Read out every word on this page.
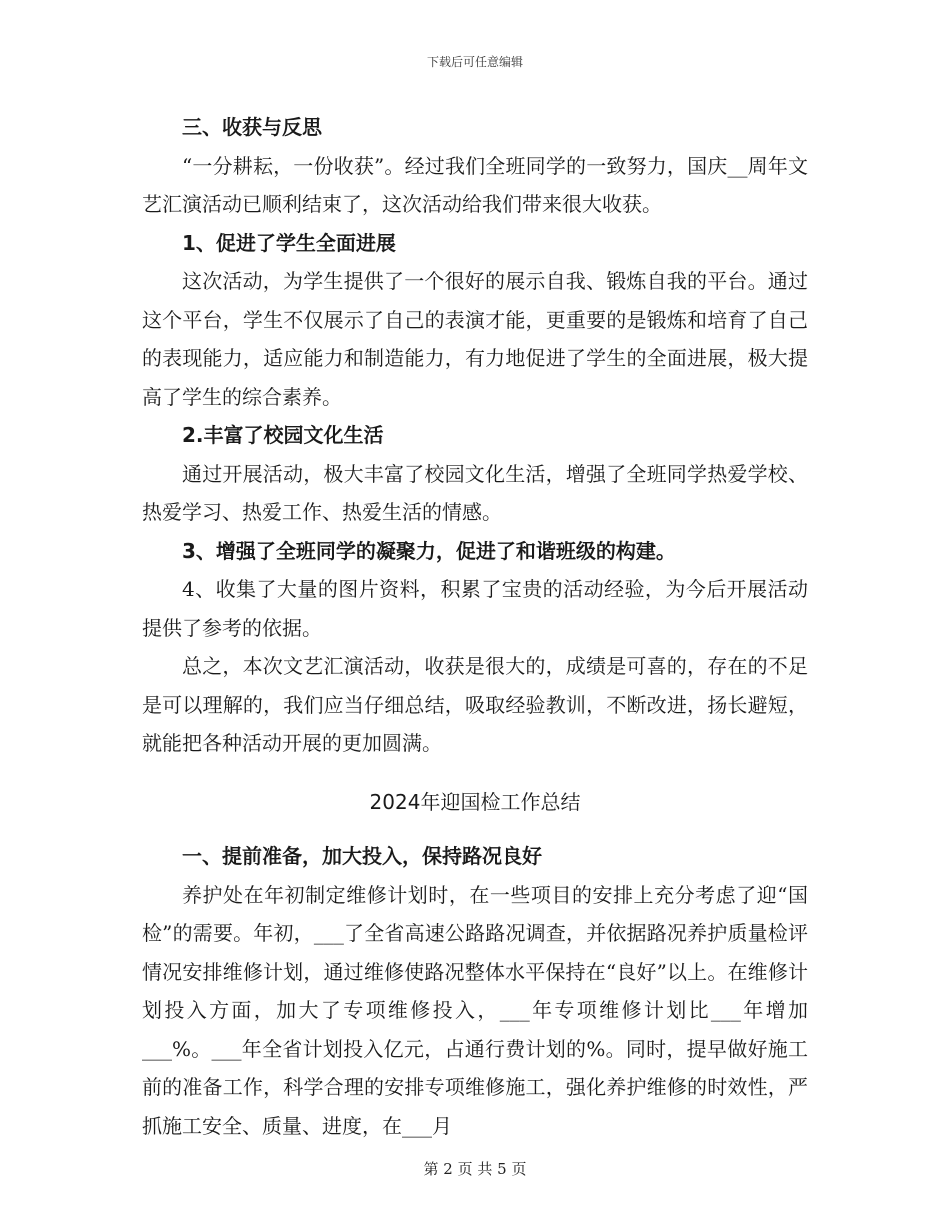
下载后可任意编辑

三、收获与反思

“一分耕耘，一份收获”。经过我们全班同学的一致努力，国庆__周年文艺汇演活动已顺利结束了，这次活动给我们带来很大收获。

1、促进了学生全面进展

这次活动，为学生提供了一个很好的展示自我、锻炼自我的平台。通过这个平台，学生不仅展示了自己的表演才能，更重要的是锻炼和培育了自己的表现能力，适应能力和制造能力，有力地促进了学生的全面进展，极大提高了学生的综合素养。

2.丰富了校园文化生活

通过开展活动，极大丰富了校园文化生活，增强了全班同学热爱学校、热爱学习、热爱工作、热爱生活的情感。

3、增强了全班同学的凝聚力，促进了和谐班级的构建。

4、收集了大量的图片资料，积累了宝贵的活动经验，为今后开展活动提供了参考的依据。

总之，本次文艺汇演活动，收获是很大的，成绩是可喜的，存在的不足是可以理解的，我们应当仔细总结，吸取经验教训，不断改进，扬长避短，就能把各种活动开展的更加圆满。

2024年迎国检工作总结

一、提前准备，加大投入，保持路况良好

养护处在年初制定维修计划时，在一些项目的安排上充分考虑了迎“国检”的需要。年初，___了全省高速公路路况调查，并依据路况养护质量检评情况安排维修计划，通过维修使路况整体水平保持在“良好”以上。在维修计划投入方面，加大了专项维修投入，___年专项维修计划比___年增加___%。___年全省计划投入亿元，占通行费计划的%。同时，提早做好施工前的准备工作，科学合理的安排专项维修施工，强化养护维修的时效性，严抓施工安全、质量、进度，在___月

第 2 页 共 5 页
